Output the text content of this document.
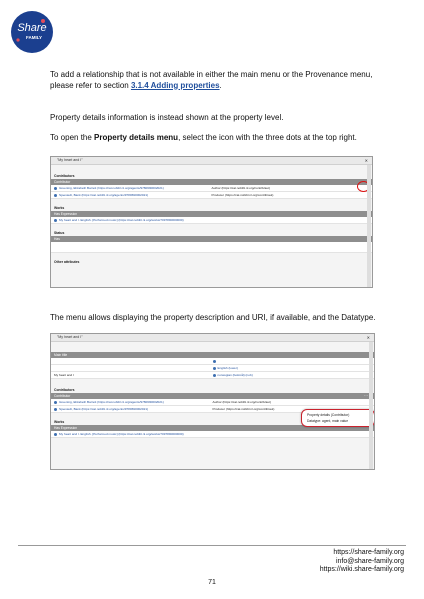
Share
FAMILY
To add a relationship that is not available in either the main menu or the Provenance menu,
please refer to section 3.1.4 Adding properties.
Property details information is instead shown at the property level.
To open the Property details menu, select the icon with the three dots at the top right.
"My heart and I"	✕
Contributors
Contributor	⋯
Greening, Elizabeth Barrett (https://cat.nobibl.nl.org/agents/9780690002021)	Author (https://cat.nobibl.nl.org/contrib/aut)
Sjoestedt, Bank (https://cat.nobibl.nl.org/agents/9780690002021)	Producer (https://cat.nobibl.nl.org/contrib/aut)
Works
Has Expression
My heart and I. English. [Performed music] (https://cat.nobibl.nl.org/works/7097890000000)
Status
Has
Other attributes
The menu allows displaying the property description and URI, if available, and the Datatype.
"My heart and I"	✕
Main title
English (lower)
My heart and I	norwegian (bokmål) (nob)
Contributors
Contributor	⋯
Greening, Elizabeth Barrett (https://cat.nobibl.nl.org/agents/9780690002021)	Author (https://cat.nobibl.nl.org/contrib/aut)
Sjoestedt, Bank (https://cat.nobibl.nl.org/agents/9780690002021)	Producer (https://cat.nobibl.nl.org/contrib/aut)
Works
Has Expression
My heart and I. English. [Performed music] (https://cat.nobibl.nl.org/works/7097890000000)
Property details (Contributor)
Datatype: agent, main value
https://share-family.org
info@share-family.org
https://wiki.share-family.org
71
